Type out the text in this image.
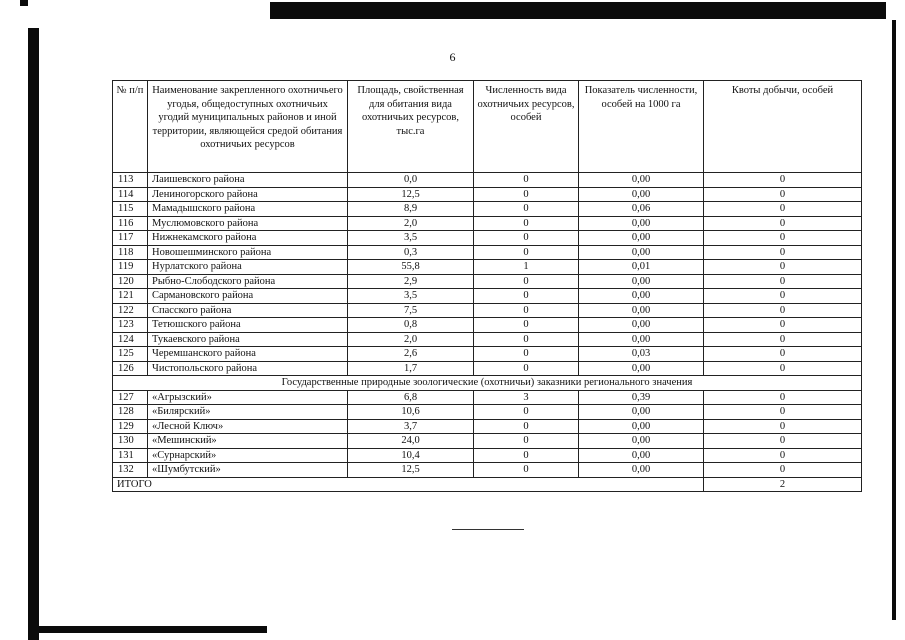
6
№ п/п	Наименование закрепленного охотничьего угодья, общедоступных охотничьих угодий муниципальных районов и иной территории, являющейся средой обитания охотничьих ресурсов	Площадь, свойственная для обитания вида охотничьих ресурсов, тыс.га	Численность вида охотничьих ресурсов, особей	Показатель численности, особей на 1000 га	Квоты добычи, особей
113	Лаишевского района	0,0	0	0,00	0
114	Лениногорского района	12,5	0	0,00	0
115	Мамадышского района	8,9	0	0,06	0
116	Муслюмовского района	2,0	0	0,00	0
117	Нижнекамского района	3,5	0	0,00	0
118	Новошешминского района	0,3	0	0,00	0
119	Нурлатского района	55,8	1	0,01	0
120	Рыбно-Слободского района	2,9	0	0,00	0
121	Сармановского района	3,5	0	0,00	0
122	Спасского района	7,5	0	0,00	0
123	Тетюшского района	0,8	0	0,00	0
124	Тукаевского района	2,0	0	0,00	0
125	Черемшанского района	2,6	0	0,03	0
126	Чистопольского района	1,7	0	0,00	0
Государственные природные зоологические (охотничьи) заказники регионального значения					
127	«Агрызский»	6,8	3	0,39	0
128	«Билярский»	10,6	0	0,00	0
129	«Лесной Ключ»	3,7	0	0,00	0
130	«Мешинский»	24,0	0	0,00	0
131	«Сурнарский»	10,4	0	0,00	0
132	«Шумбутский»	12,5	0	0,00	0
ИТОГО					2
